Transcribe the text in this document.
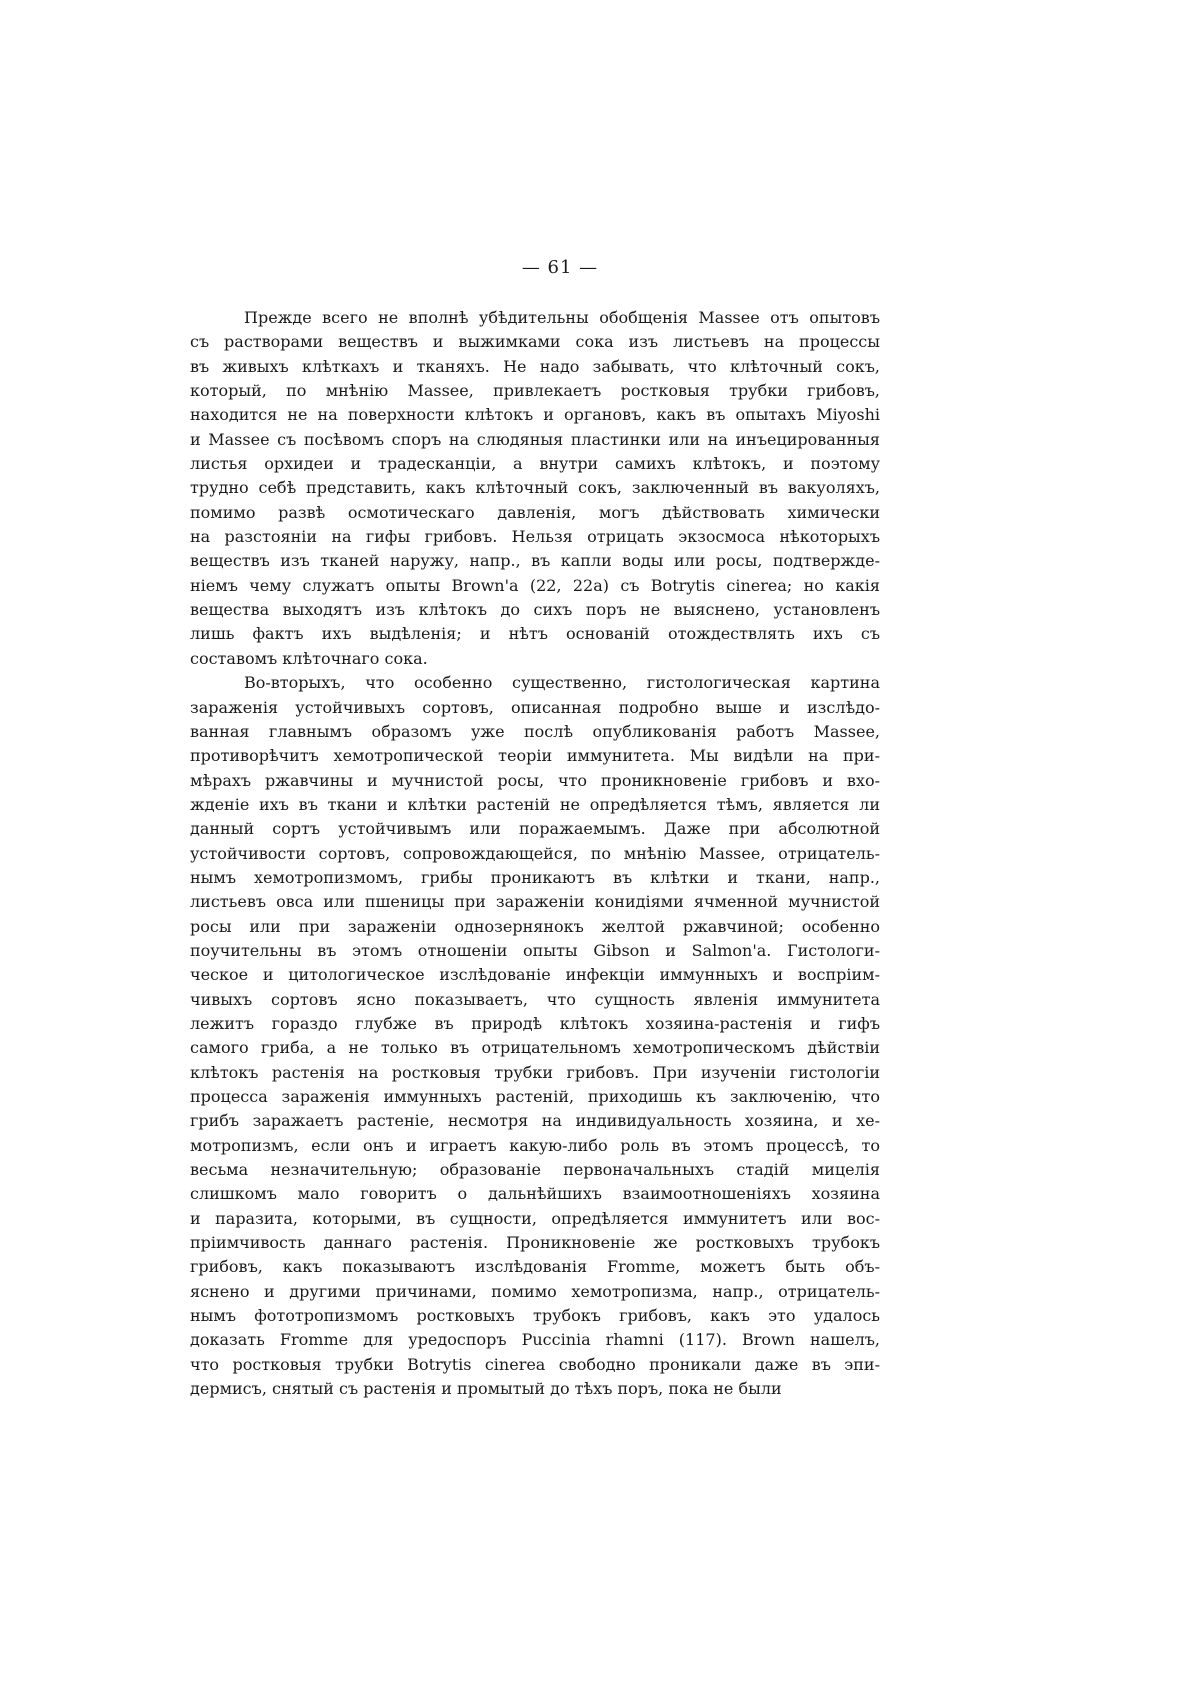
— 61 —
Прежде всего не вполнѣ убѣдительны обобщенія Massee отъ опытовъ
съ растворами веществъ и выжимками сока изъ листьевъ на процессы
въ живыхъ клѣткахъ и тканяхъ. Не надо забывать, что клѣточный сокъ,
который, по мнѣнію Massee, привлекаетъ ростковыя трубки грибовъ,
находится не на поверхности клѣтокъ и органовъ, какъ въ опытахъ Miyoshi
и Massee съ посѣвомъ споръ на слюдяныя пластинки или на инъецированныя
листья орхидеи и традесканціи, а внутри самихъ клѣтокъ, и поэтому
трудно себѣ представить, какъ клѣточный сокъ, заключенный въ вакуоляхъ,
помимо развѣ осмотическаго давленія, могъ дѣйствовать химически
на разстояніи на гифы грибовъ. Нельзя отрицать экзосмоса нѣкоторыхъ
веществъ изъ тканей наружу, напр., въ капли воды или росы, подтвержде-
ніемъ чему служатъ опыты Brown'a (22, 22a) съ Botrytis cinerea; но какія
вещества выходятъ изъ клѣтокъ до сихъ поръ не выяснено, установленъ
лишь фактъ ихъ выдѣленія; и нѣтъ основаній отождествлять ихъ съ
составомъ клѣточнаго сока.
Во-вторыхъ, что особенно существенно, гистологическая картина
зараженія устойчивыхъ сортовъ, описанная подробно выше и изслѣдо-
ванная главнымъ образомъ уже послѣ опубликованія работъ Massee,
противорѣчитъ хемотропической теоріи иммунитета. Мы видѣли на при-
мѣрахъ ржавчины и мучнистой росы, что проникновеніе грибовъ и вхо-
жденіе ихъ въ ткани и клѣтки растеній не опредѣляется тѣмъ, является ли
данный сортъ устойчивымъ или поражаемымъ. Даже при абсолютной
устойчивости сортовъ, сопровождающейся, по мнѣнію Massee, отрицатель-
нымъ хемотропизмомъ, грибы проникаютъ въ клѣтки и ткани, напр.,
листьевъ овса или пшеницы при зараженіи конидіями ячменной мучнистой
росы или при зараженіи однозернянокъ желтой ржавчиной; особенно
поучительны въ этомъ отношеніи опыты Gibson и Salmon'a. Гистологи-
ческое и цитологическое изслѣдованіе инфекціи иммунныхъ и воспріим-
чивыхъ сортовъ ясно показываетъ, что сущность явленія иммунитета
лежитъ гораздо глубже въ природѣ клѣтокъ хозяина-растенія и гифъ
самого гриба, а не только въ отрицательномъ хемотропическомъ дѣйствіи
клѣтокъ растенія на ростковыя трубки грибовъ. При изученіи гистологіи
процесса зараженія иммунныхъ растеній, приходишь къ заключенію, что
грибъ заражаетъ растеніе, несмотря на индивидуальность хозяина, и хе-
мотропизмъ, если онъ и играетъ какую-либо роль въ этомъ процессѣ, то
весьма незначительную; образованіе первоначальныхъ стадій мицелія
слишкомъ мало говоритъ о дальнѣйшихъ взаимоотношеніяхъ хозяина
и паразита, которыми, въ сущности, опредѣляется иммунитетъ или вос-
пріимчивость даннаго растенія. Проникновеніе же ростковыхъ трубокъ
грибовъ, какъ показываютъ изслѣдованія Fromme, можетъ быть объ-
яснено и другими причинами, помимо хемотропизма, напр., отрицатель-
нымъ фототропизмомъ ростковыхъ трубокъ грибовъ, какъ это удалось
доказать Fromme для уредоспоръ Puccinia rhamni (117). Brown нашелъ,
что ростковыя трубки Botrytis cinerea свободно проникали даже въ эпи-
дермисъ, снятый съ растенія и промытый до тѣхъ поръ, пока не были
